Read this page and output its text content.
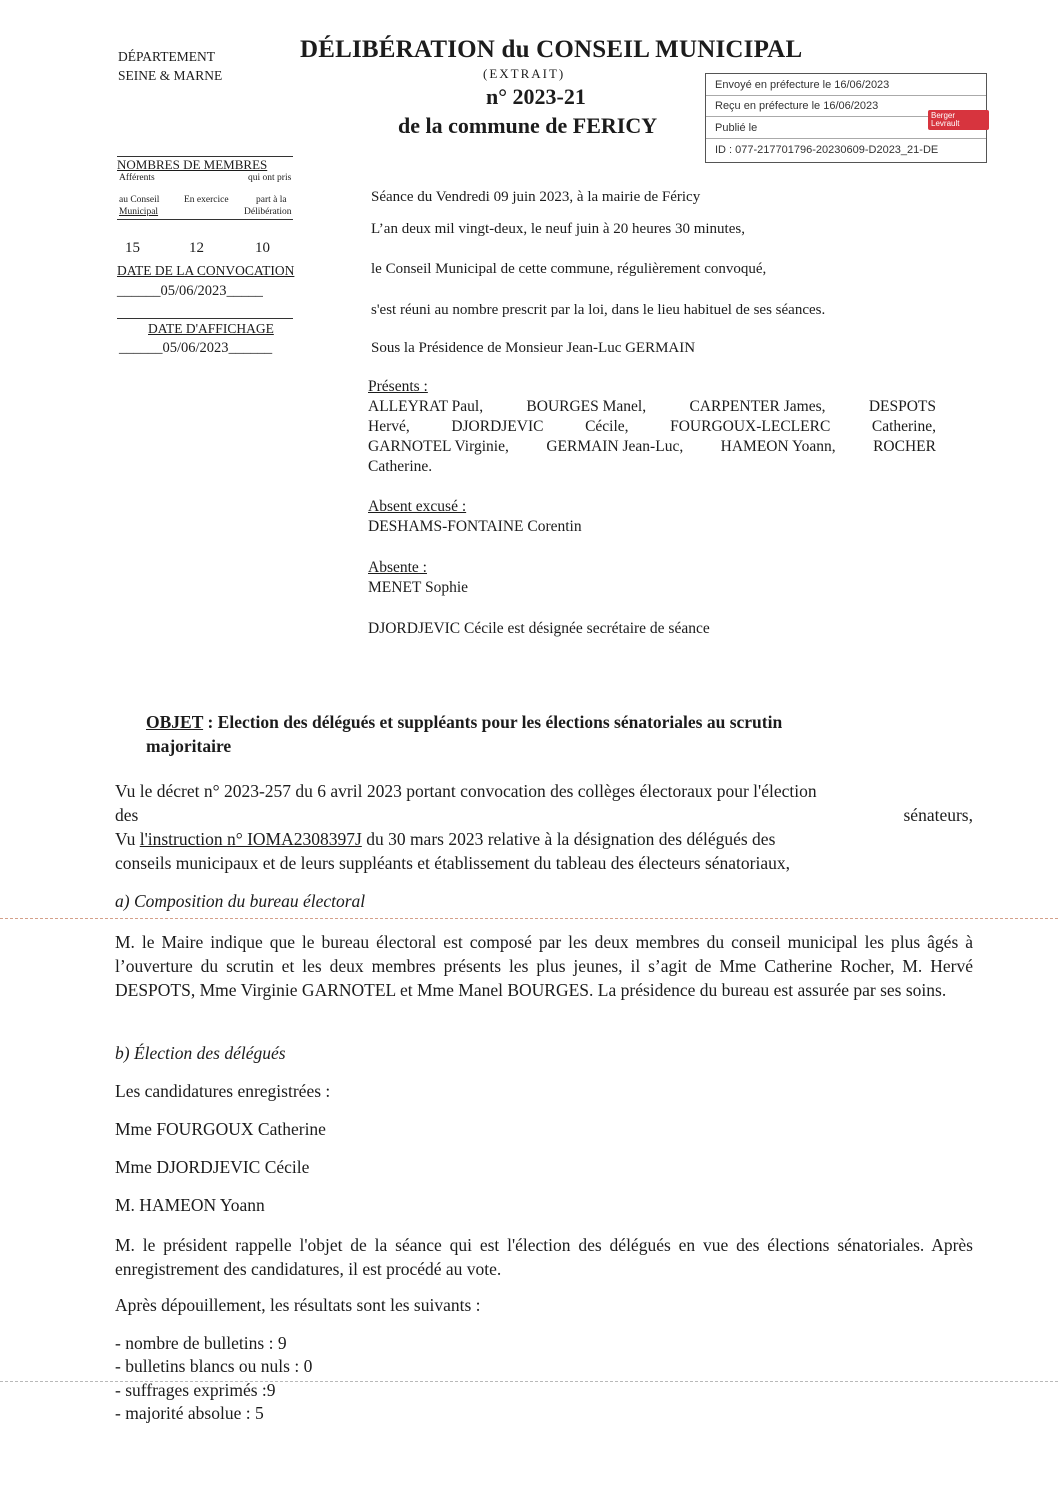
DÉPARTEMENT
SEINE & MARNE
DÉLIBÉRATION du CONSEIL MUNICIPAL
(EXTRAIT)
n° 2023-21
de la commune de FERICY
Envoyé en préfecture le 16/06/2023
Reçu en préfecture le 16/06/2023
Publié le
ID : 077-217701796-20230609-D2023_21-DE
Berger
Levrault
NOMBRES DE MEMBRES
Afférents	qui ont pris
au Conseil	En exercice	part à la
Municipal	Délibération
15	12	10
DATE DE LA CONVOCATION
______05/06/2023_____
DATE D'AFFICHAGE
______05/06/2023______
Séance du Vendredi 09 juin 2023, à la mairie de Féricy
L’an deux mil vingt-deux, le neuf juin à 20 heures 30 minutes,
le Conseil Municipal de cette commune, régulièrement convoqué,
s'est réuni au nombre prescrit par la loi, dans le lieu habituel de ses séances.
Sous la Présidence de Monsieur Jean-Luc GERMAIN
Présents :
ALLEYRAT Paul,	BOURGES Manel,	CARPENTER James,	DESPOTS
Hervé,	DJORDJEVIC	Cécile,	FOURGOUX-LECLERC	Catherine,
GARNOTEL Virginie, GERMAIN Jean-Luc, HAMEON Yoann, ROCHER
Catherine.
Absent excusé :
DESHAMS-FONTAINE Corentin
Absente :
MENET Sophie
DJORDJEVIC Cécile est désignée secrétaire de séance
OBJET : Election des délégués et suppléants pour les élections sénatoriales au scrutin
majoritaire
Vu le décret n° 2023-257 du 6 avril 2023 portant convocation des collèges électoraux pour l'élection
des	sénateurs,
Vu l'instruction n° IOMA2308397J du 30 mars 2023 relative à la désignation des délégués des
conseils municipaux et de leurs suppléants et établissement du tableau des électeurs sénatoriaux,
a) Composition du bureau électoral
M. le Maire indique que le bureau électoral est composé par les deux membres du conseil municipal les plus âgés à l’ouverture du scrutin et les deux membres présents les plus jeunes, il s’agit de Mme Catherine Rocher, M. Hervé DESPOTS, Mme Virginie GARNOTEL et Mme Manel BOURGES. La présidence du bureau est assurée par ses soins.
b) Élection des délégués
Les candidatures enregistrées :
Mme FOURGOUX Catherine
Mme DJORDJEVIC Cécile
M. HAMEON Yoann
M. le président rappelle l'objet de la séance qui est l'élection des délégués en vue des élections sénatoriales. Après enregistrement des candidatures, il est procédé au vote.
Après dépouillement, les résultats sont les suivants :
- nombre de bulletins : 9
- bulletins blancs ou nuls : 0
- suffrages exprimés :9
- majorité absolue : 5
